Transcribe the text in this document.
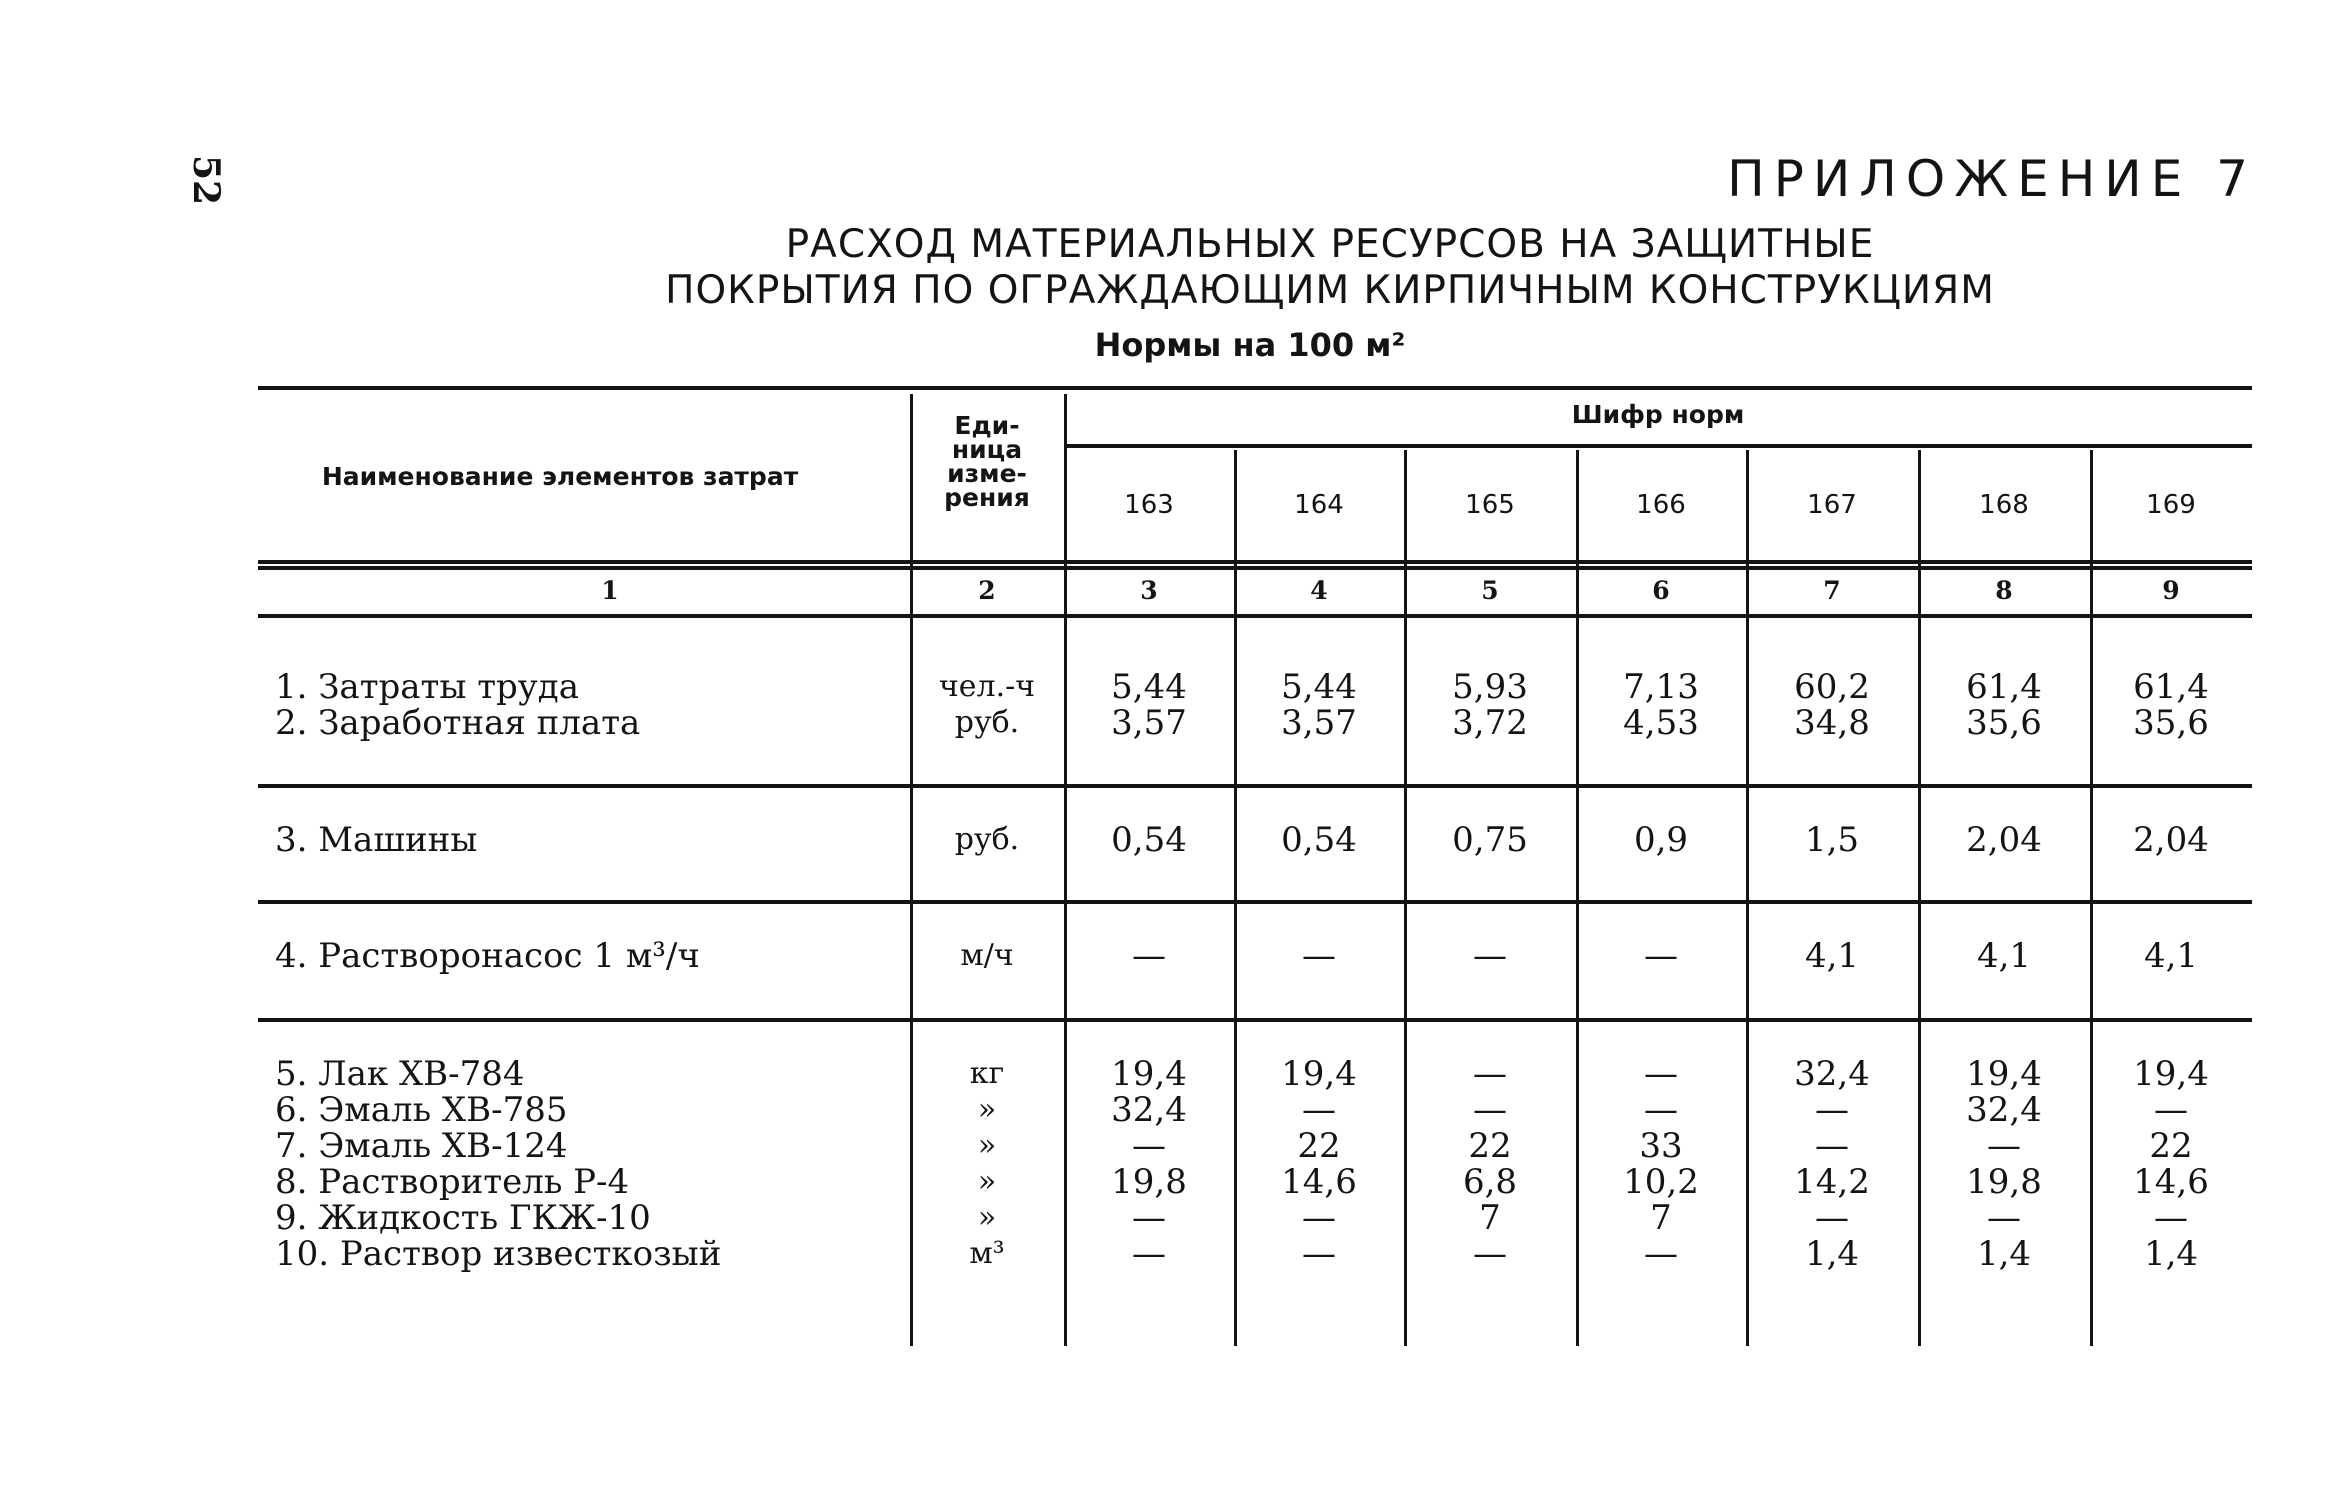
52	ПРИЛОЖЕНИЕ 7
РАСХОД МАТЕРИАЛЬНЫХ РЕСУРСОВ НА ЗАЩИТНЫЕ
ПОКРЫТИЯ ПО ОГРАЖДАЮЩИМ КИРПИЧНЫМ КОНСТРУКЦИЯМ
Нормы на 100 м²
Наименование элементов затрат
Еди-
ница
изме-
рения
Шифр норм
163	164	165	166	167	168	169
1	2	3	4	5	6	7	8	9
1. Затраты труда	чел.-ч	5,44	5,44	5,93	7,13	60,2	61,4	61,4
2. Заработная плата	руб.	3,57	3,57	3,72	4,53	34,8	35,6	35,6
3. Машины	руб.	0,54	0,54	0,75	0,9	1,5	2,04	2,04
4. Растворонасос 1 м³/ч	м/ч	—	—	—	—	4,1	4,1	4,1
5. Лак ХВ-784	кг	19,4	19,4	—	—	32,4	19,4	19,4
6. Эмаль ХВ-785	»	32,4	—	—	—	—	32,4	—
7. Эмаль ХВ-124	»	—	22	22	33	—	—	22
8. Растворитель Р-4	»	19,8	14,6	6,8	10,2	14,2	19,8	14,6
9. Жидкость ГКЖ-10	»	—	—	7	7	—	—	—
10. Раствор известкозый	м³	—	—	—	—	1,4	1,4	1,4
